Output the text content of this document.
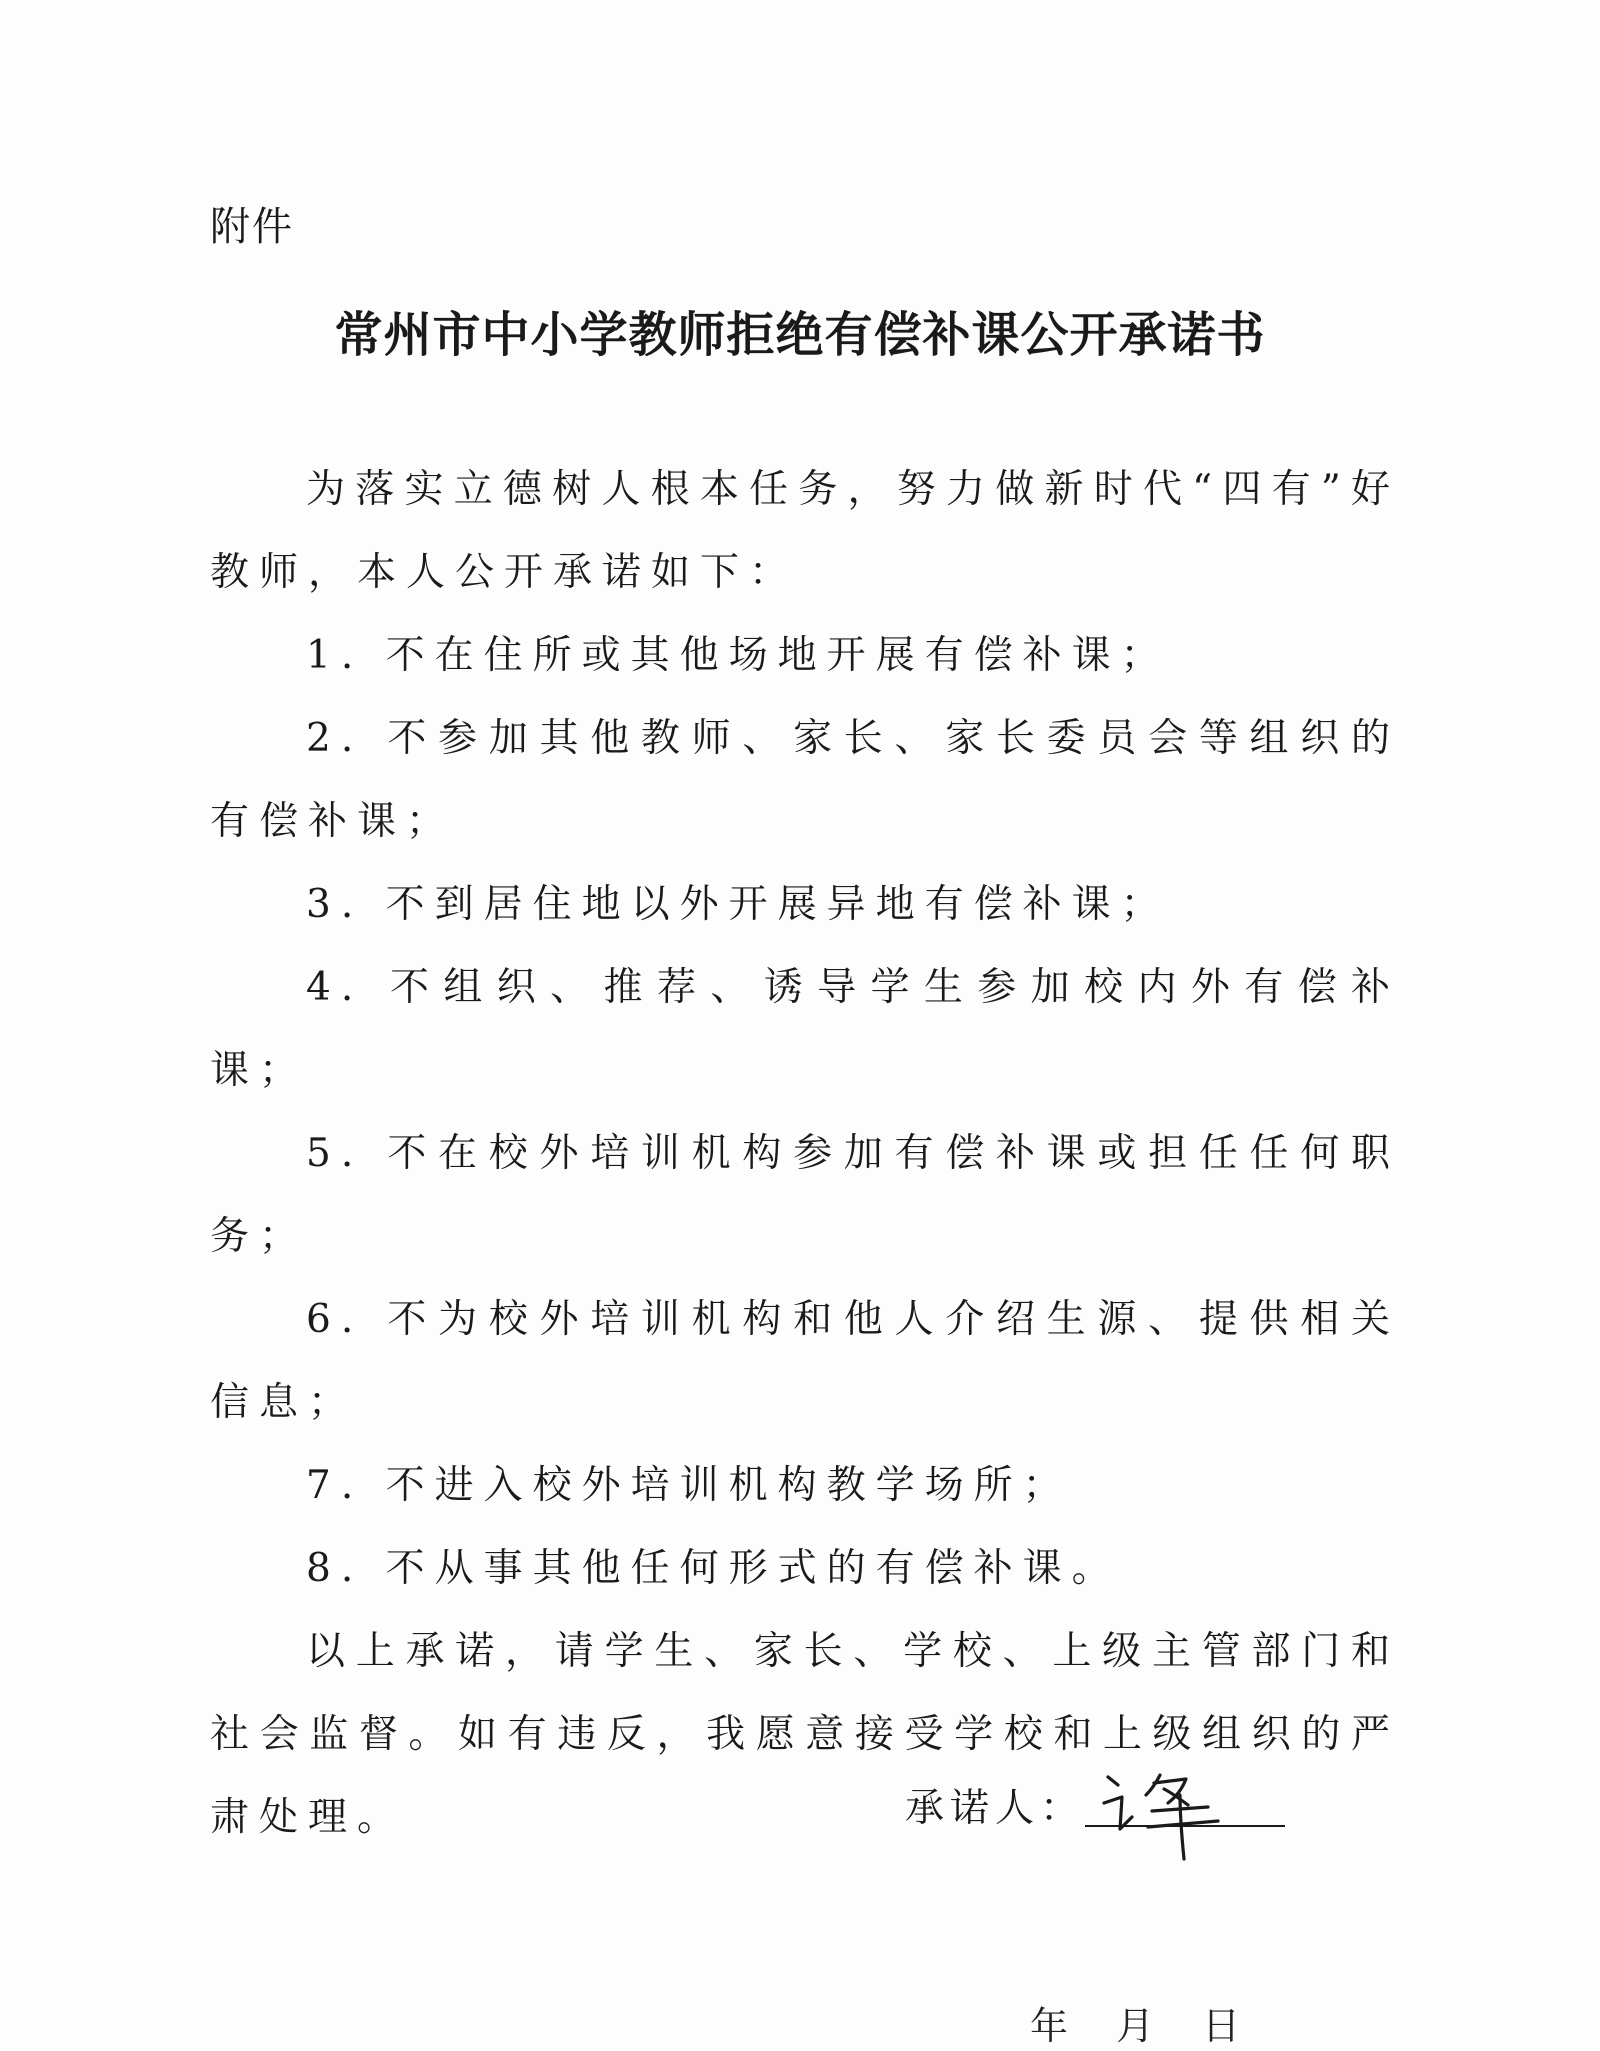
附件
常州市中小学教师拒绝有偿补课公开承诺书

为落实立德树人根本任务，努力做新时代“四有”好教师，本人公开承诺如下：

1. 不在住所或其他场地开展有偿补课；
2. 不参加其他教师、家长、家长委员会等组织的有偿补课；
3. 不到居住地以外开展异地有偿补课；
4. 不组织、推荐、诱导学生参加校内外有偿补课；
5. 不在校外培训机构参加有偿补课或担任任何职务；
6. 不为校外培训机构和他人介绍生源、提供相关信息；
7. 不进入校外培训机构教学场所；
8. 不从事其他任何形式的有偿补课。

以上承诺，请学生、家长、学校、上级主管部门和社会监督。如有违反，我愿意接受学校和上级组织的严肃处理。	承诺人：
年 月 日
